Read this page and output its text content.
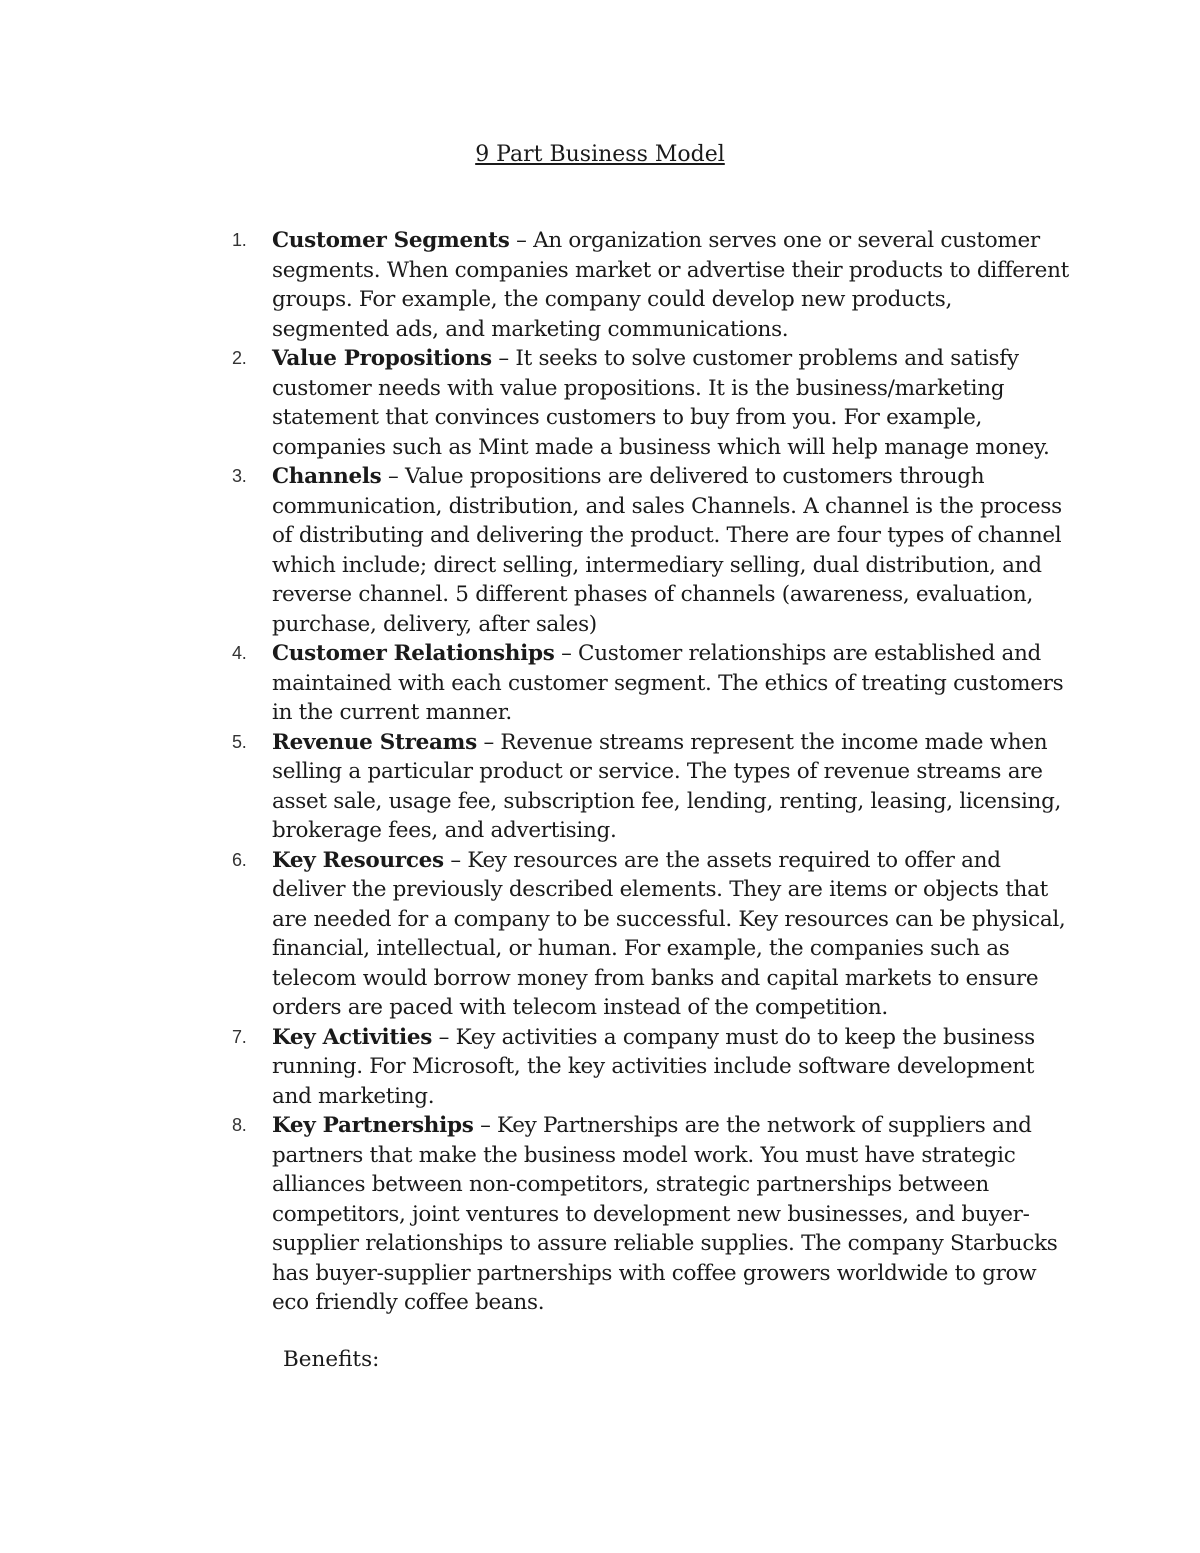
9 Part Business Model
1. Customer Segments – An organization serves one or several customer segments. When companies market or advertise their products to different groups. For example, the company could develop new products, segmented ads, and marketing communications.
2. Value Propositions – It seeks to solve customer problems and satisfy customer needs with value propositions. It is the business/marketing statement that convinces customers to buy from you. For example, companies such as Mint made a business which will help manage money.
3. Channels – Value propositions are delivered to customers through communication, distribution, and sales Channels. A channel is the process of distributing and delivering the product. There are four types of channel which include; direct selling, intermediary selling, dual distribution, and reverse channel. 5 different phases of channels (awareness, evaluation, purchase, delivery, after sales)
4. Customer Relationships – Customer relationships are established and maintained with each customer segment. The ethics of treating customers in the current manner.
5. Revenue Streams – Revenue streams represent the income made when selling a particular product or service. The types of revenue streams are asset sale, usage fee, subscription fee, lending, renting, leasing, licensing, brokerage fees, and advertising.
6. Key Resources – Key resources are the assets required to offer and deliver the previously described elements. They are items or objects that are needed for a company to be successful. Key resources can be physical, financial, intellectual, or human. For example, the companies such as telecom would borrow money from banks and capital markets to ensure orders are paced with telecom instead of the competition.
7. Key Activities – Key activities a company must do to keep the business running. For Microsoft, the key activities include software development and marketing.
8. Key Partnerships – Key Partnerships are the network of suppliers and partners that make the business model work. You must have strategic alliances between non-competitors, strategic partnerships between competitors, joint ventures to development new businesses, and buyer-supplier relationships to assure reliable supplies. The company Starbucks has buyer-supplier partnerships with coffee growers worldwide to grow eco friendly coffee beans.

Benefits:
